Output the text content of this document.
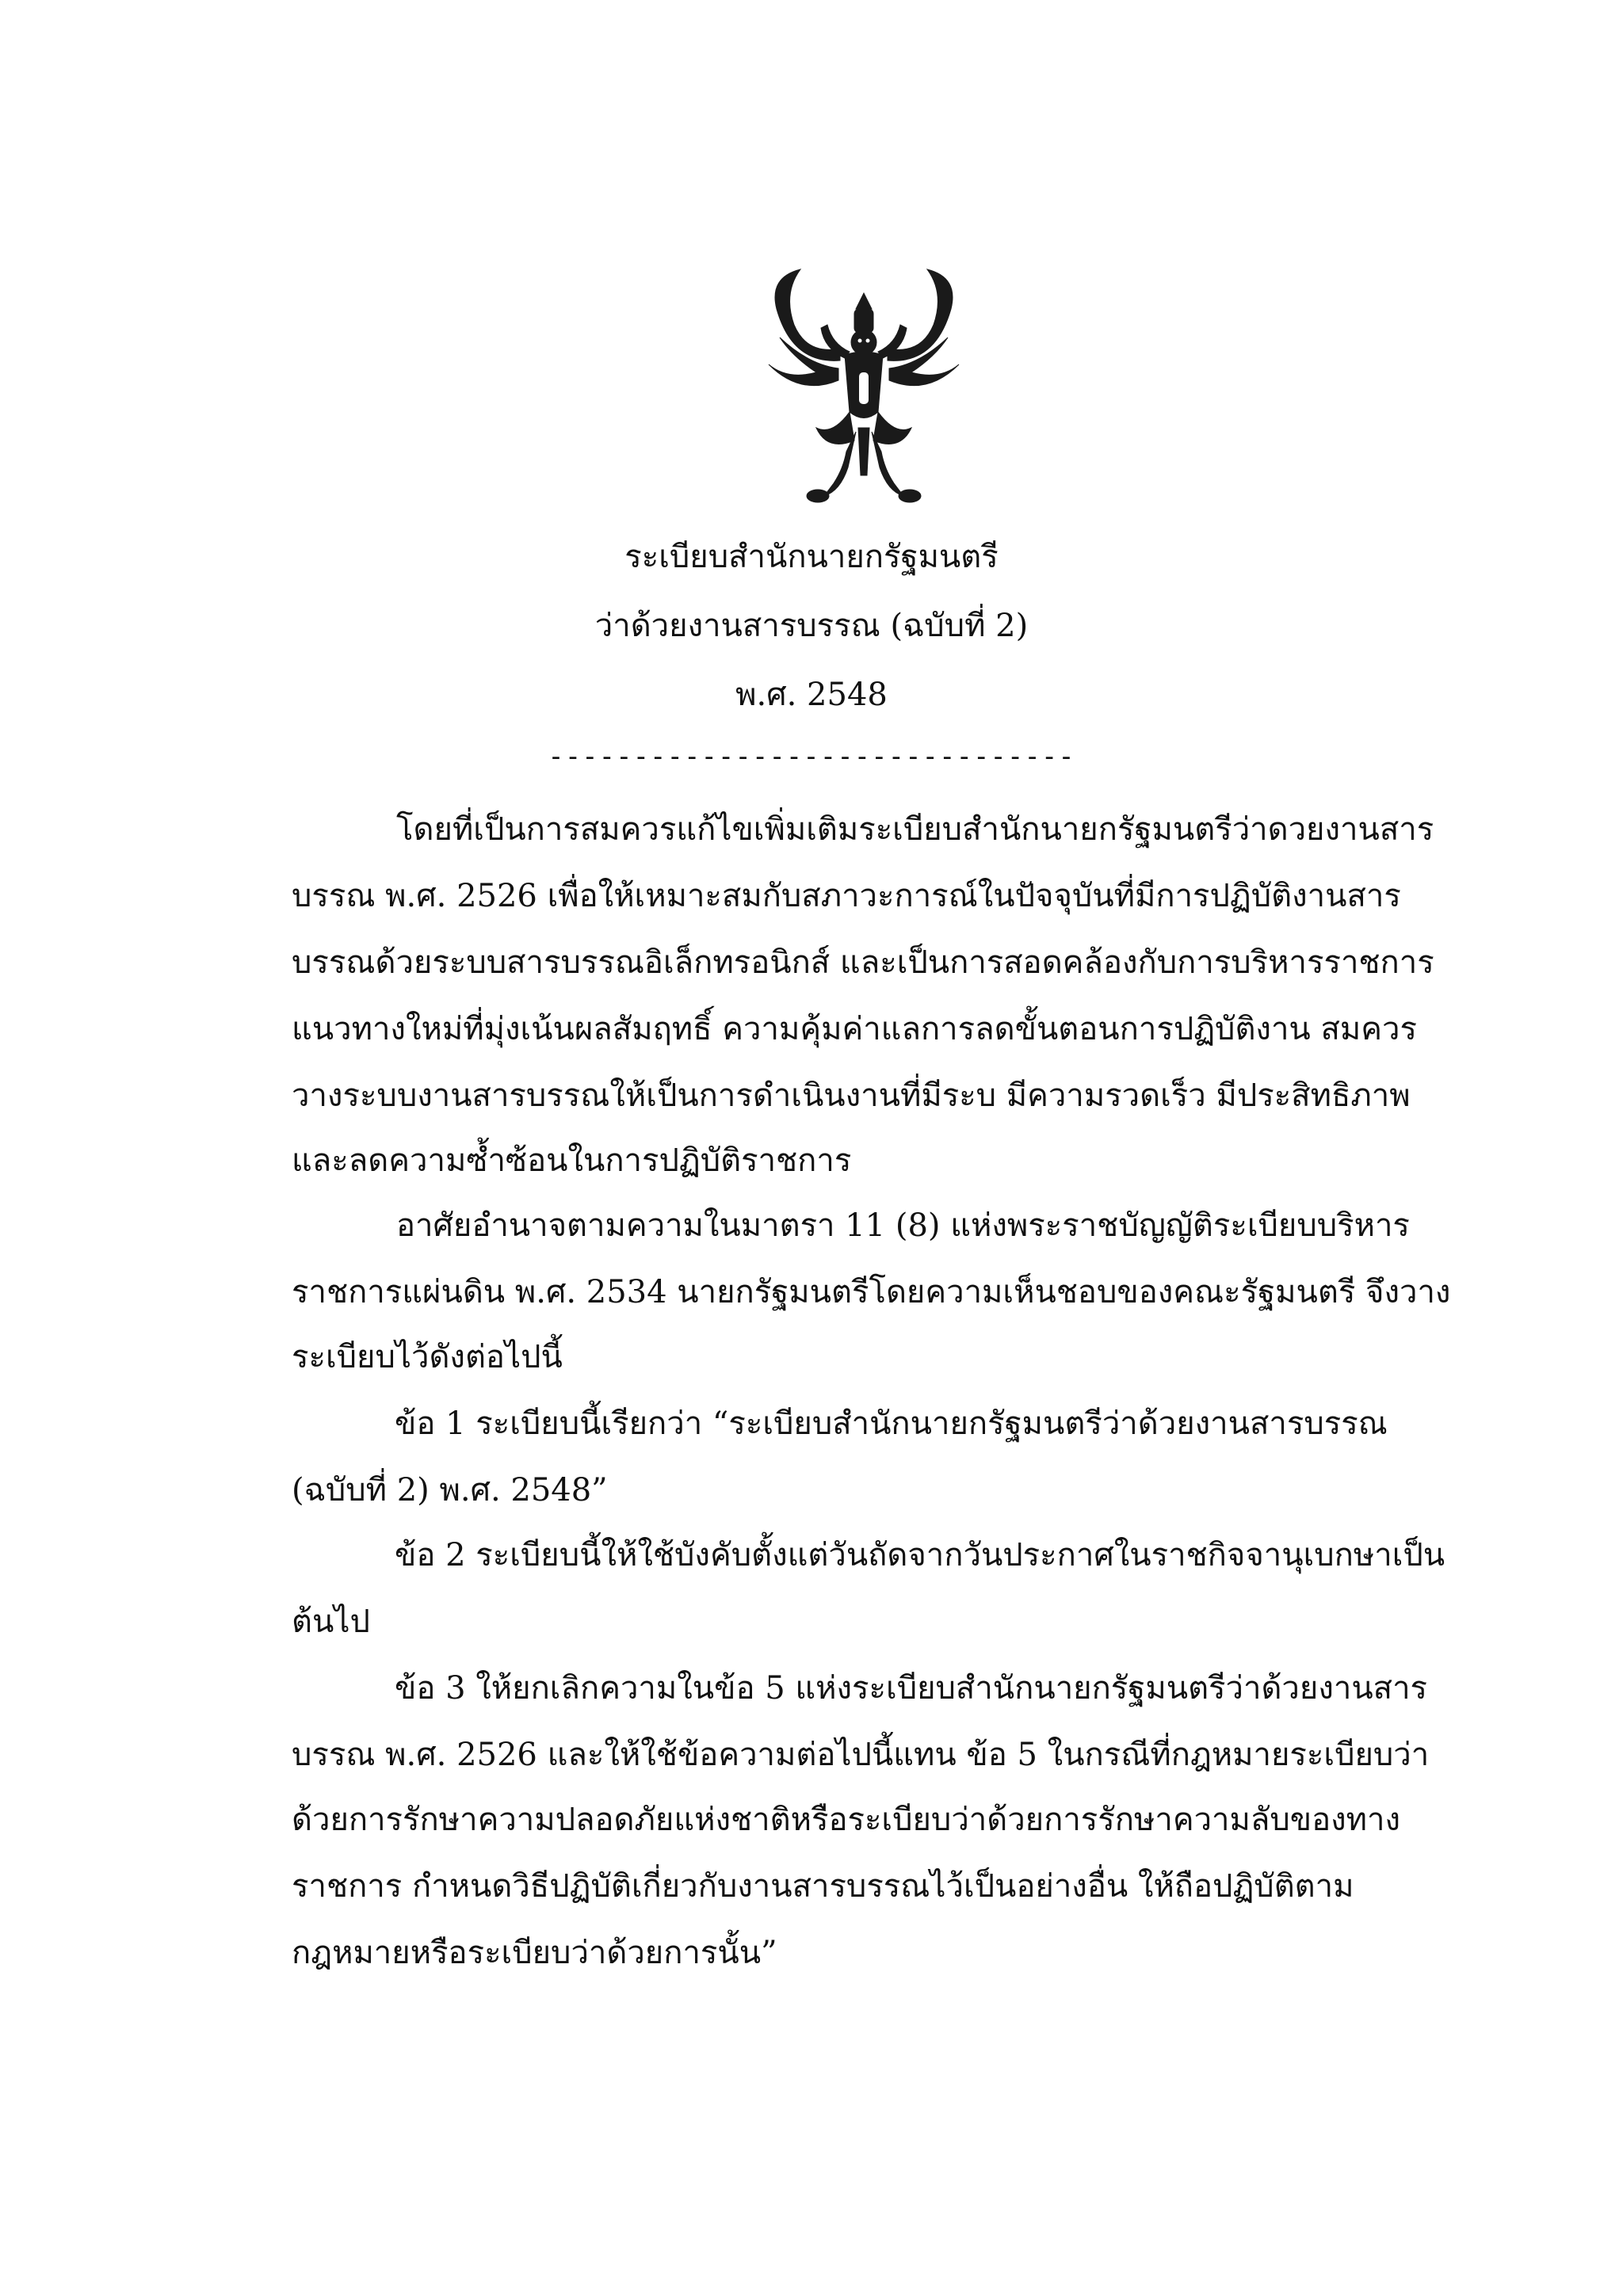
ระเบียบสำนักนายกรัฐมนตรี
ว่าด้วยงานสารบรรณ (ฉบับที่ 2)
พ.ศ. 2548
-------------------------------
โดยที่เป็นการสมควรแก้ไขเพิ่มเติมระเบียบสำนักนายกรัฐมนตรีว่าดวยงานสาร
บรรณ พ.ศ. 2526 เพื่อให้เหมาะสมกับสภาวะการณ์ในปัจจุบันที่มีการปฏิบัติงานสาร
บรรณด้วยระบบสารบรรณอิเล็กทรอนิกส์ และเป็นการสอดคล้องกับการบริหารราชการ
แนวทางใหม่ที่มุ่งเน้นผลสัมฤทธิ์ ความคุ้มค่าแลการลดขั้นตอนการปฏิบัติงาน สมควร
วางระบบงานสารบรรณให้เป็นการดำเนินงานที่มีระบ มีความรวดเร็ว มีประสิทธิภาพ
และลดความซ้ำซ้อนในการปฏิบัติราชการ
อาศัยอำนาจตามความในมาตรา 11 (8) แห่งพระราชบัญญัติระเบียบบริหาร
ราชการแผ่นดิน พ.ศ. 2534 นายกรัฐมนตรีโดยความเห็นชอบของคณะรัฐมนตรี จึงวาง
ระเบียบไว้ดังต่อไปนี้
ข้อ 1 ระเบียบนี้เรียกว่า “ระเบียบสำนักนายกรัฐมนตรีว่าด้วยงานสารบรรณ
(ฉบับที่ 2) พ.ศ. 2548”
ข้อ 2 ระเบียบนี้ให้ใช้บังคับตั้งแต่วันถัดจากวันประกาศในราชกิจจานุเบกษาเป็น
ต้นไป
ข้อ 3 ให้ยกเลิกความในข้อ 5 แห่งระเบียบสำนักนายกรัฐมนตรีว่าด้วยงานสาร
บรรณ พ.ศ. 2526 และให้ใช้ข้อความต่อไปนี้แทน ข้อ 5 ในกรณีที่กฎหมายระเบียบว่า
ด้วยการรักษาความปลอดภัยแห่งชาติหรือระเบียบว่าด้วยการรักษาความลับของทาง
ราชการ กำหนดวิธีปฏิบัติเกี่ยวกับงานสารบรรณไว้เป็นอย่างอื่น ให้ถือปฏิบัติตาม
กฎหมายหรือระเบียบว่าด้วยการนั้น”
